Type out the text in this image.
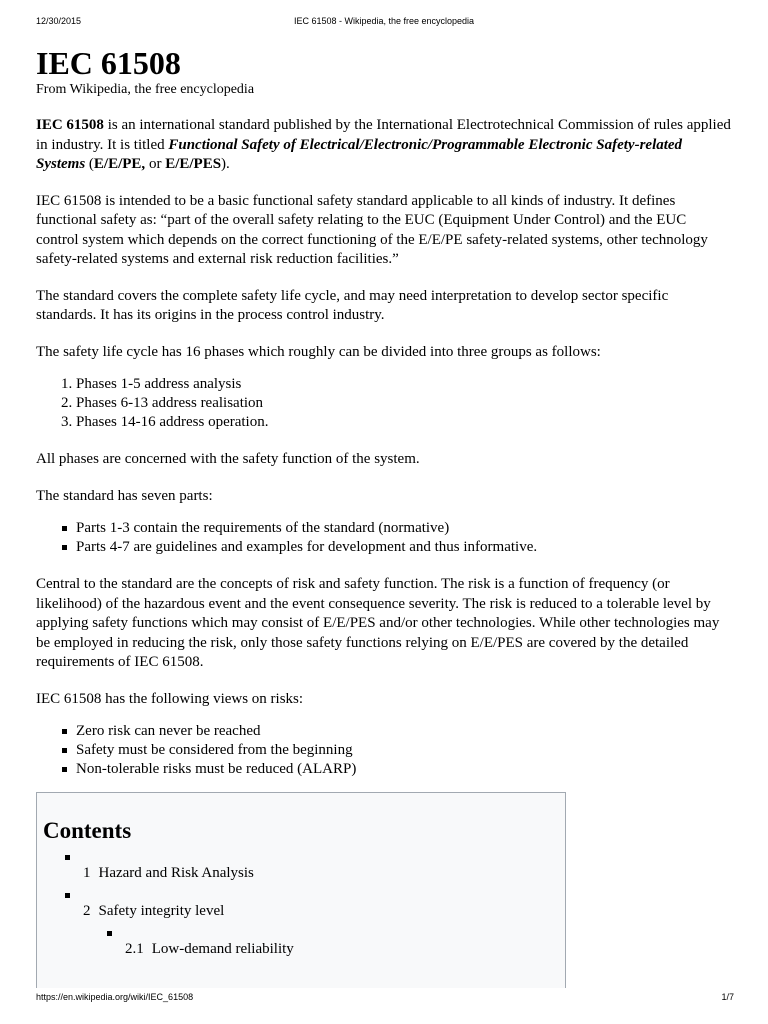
12/30/2015	IEC 61508 - Wikipedia, the free encyclopedia
IEC 61508
From Wikipedia, the free encyclopedia

IEC 61508 is an international standard published by the International Electrotechnical Commission of rules applied in industry. It is titled Functional Safety of Electrical/Electronic/Programmable Electronic Safety-related Systems (E/E/PE, or E/E/PES).

IEC 61508 is intended to be a basic functional safety standard applicable to all kinds of industry. It defines functional safety as: “part of the overall safety relating to the EUC (Equipment Under Control) and the EUC control system which depends on the correct functioning of the E/E/PE safety-related systems, other technology safety-related systems and external risk reduction facilities.”

The standard covers the complete safety life cycle, and may need interpretation to develop sector specific standards. It has its origins in the process control industry.

The safety life cycle has 16 phases which roughly can be divided into three groups as follows:

1. Phases 1-5 address analysis
2. Phases 6-13 address realisation
3. Phases 14-16 address operation.

All phases are concerned with the safety function of the system.

The standard has seven parts:

Parts 1-3 contain the requirements of the standard (normative)
Parts 4-7 are guidelines and examples for development and thus informative.

Central to the standard are the concepts of risk and safety function. The risk is a function of frequency (or likelihood) of the hazardous event and the event consequence severity. The risk is reduced to a tolerable level by applying safety functions which may consist of E/E/PES and/or other technologies. While other technologies may be employed in reducing the risk, only those safety functions relying on E/E/PES are covered by the detailed requirements of IEC 61508.

IEC 61508 has the following views on risks:

Zero risk can never be reached
Safety must be considered from the beginning
Non-tolerable risks must be reduced (ALARP)
Contents
1 Hazard and Risk Analysis
2 Safety integrity level
2.1 Low-demand reliability
https://en.wikipedia.org/wiki/IEC_61508	1/7
